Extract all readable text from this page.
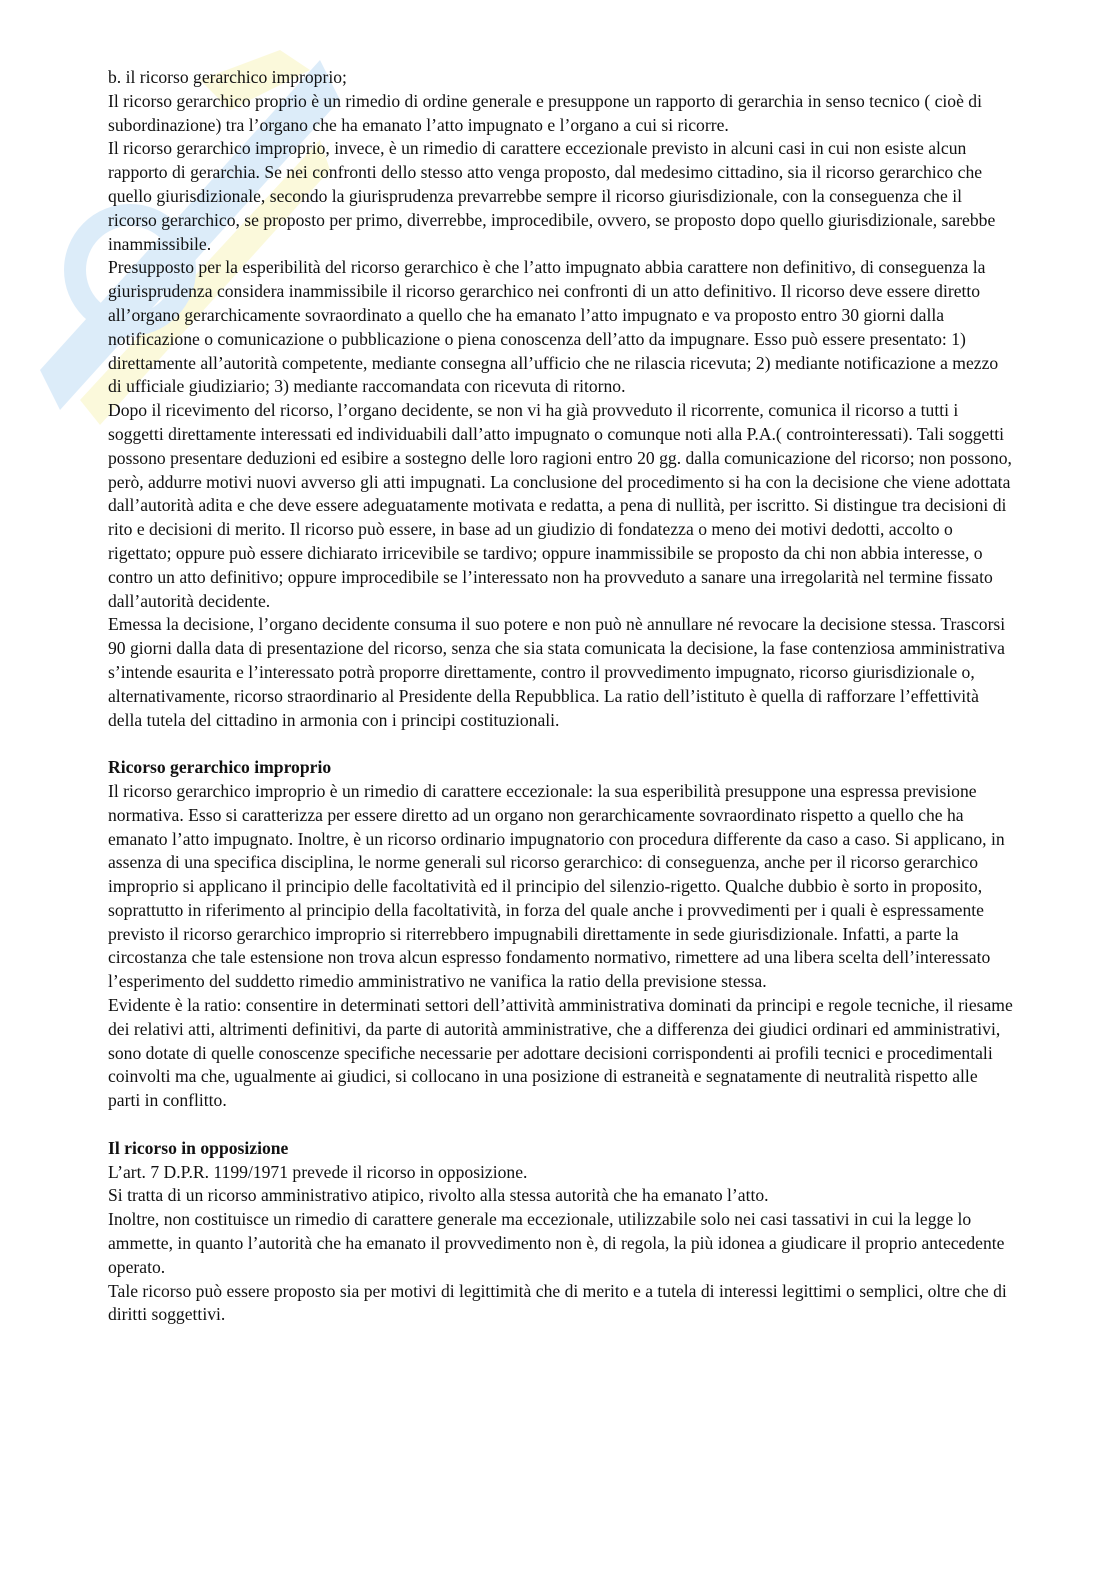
b. il ricorso gerarchico improprio;

Il ricorso gerarchico proprio è un rimedio di ordine generale e presuppone un rapporto di gerarchia in senso tecnico ( cioè di subordinazione) tra l’organo che ha emanato l’atto impugnato e l’organo a cui si ricorre.

Il ricorso gerarchico improprio, invece, è un rimedio di carattere eccezionale previsto in alcuni casi in cui non esiste alcun rapporto di gerarchia. Se nei confronti dello stesso atto venga proposto, dal medesimo cittadino, sia il ricorso gerarchico che quello giurisdizionale, secondo la giurisprudenza prevarrebbe sempre il ricorso giurisdizionale, con la conseguenza che il ricorso gerarchico, se proposto per primo, diverrebbe, improcedibile, ovvero, se proposto dopo quello giurisdizionale, sarebbe inammissibile.

Presupposto per la esperibilità del ricorso gerarchico è che l’atto impugnato abbia carattere non definitivo, di conseguenza la giurisprudenza considera inammissibile il ricorso gerarchico nei confronti di un atto definitivo. Il ricorso deve essere diretto all’organo gerarchicamente sovraordinato a quello che ha emanato l’atto impugnato e va proposto entro 30 giorni dalla notificazione o comunicazione o pubblicazione o piena conoscenza dell’atto da impugnare. Esso può essere presentato: 1) direttamente all’autorità competente, mediante consegna all’ufficio che ne rilascia ricevuta; 2) mediante notificazione a mezzo di ufficiale giudiziario; 3) mediante raccomandata con ricevuta di ritorno.

Dopo il ricevimento del ricorso, l’organo decidente, se non vi ha già provveduto il ricorrente, comunica il ricorso a tutti i soggetti direttamente interessati ed individuabili dall’atto impugnato o comunque noti alla P.A.( controinteressati). Tali soggetti possono presentare deduzioni ed esibire a sostegno delle loro ragioni entro 20 gg. dalla comunicazione del ricorso; non possono, però, addurre motivi nuovi avverso gli atti impugnati. La conclusione del procedimento si ha con la decisione che viene adottata dall’autorità adita e che deve essere adeguatamente motivata e redatta, a pena di nullità, per iscritto. Si distingue tra decisioni di rito e decisioni di merito. Il ricorso può essere, in base ad un giudizio di fondatezza o meno dei motivi dedotti, accolto o rigettato; oppure può essere dichiarato irricevibile se tardivo; oppure inammissibile se proposto da chi non abbia interesse, o contro un atto definitivo; oppure improcedibile se l’interessato non ha provveduto a sanare una irregolarità nel termine fissato dall’autorità decidente.

Emessa la decisione, l’organo decidente consuma il suo potere e non può nè annullare né revocare la decisione stessa. Trascorsi 90 giorni dalla data di presentazione del ricorso, senza che sia stata comunicata la decisione, la fase contenziosa amministrativa s’intende esaurita e l’interessato potrà proporre direttamente, contro il provvedimento impugnato, ricorso giurisdizionale o, alternativamente, ricorso straordinario al Presidente della Repubblica. La ratio dell’istituto è quella di rafforzare l’effettività della tutela del cittadino in armonia con i principi costituzionali.

Ricorso gerarchico improprio

Il ricorso gerarchico improprio è un rimedio di carattere eccezionale: la sua esperibilità presuppone una espressa previsione normativa. Esso si caratterizza per essere diretto ad un organo non gerarchicamente sovraordinato rispetto a quello che ha emanato l’atto impugnato. Inoltre, è un ricorso ordinario impugnatorio con procedura differente da caso a caso. Si applicano, in assenza di una specifica disciplina, le norme generali sul ricorso gerarchico: di conseguenza, anche per il ricorso gerarchico improprio si applicano il principio delle facoltatività ed il principio del silenzio-rigetto. Qualche dubbio è sorto in proposito, soprattutto in riferimento al principio della facoltatività, in forza del quale anche i provvedimenti per i quali è espressamente previsto il ricorso gerarchico improprio si riterrebbero impugnabili direttamente in sede giurisdizionale. Infatti, a parte la circostanza che tale estensione non trova alcun espresso fondamento normativo, rimettere ad una libera scelta dell’interessato l’esperimento del suddetto rimedio amministrativo ne vanifica la ratio della previsione stessa.

Evidente è la ratio: consentire in determinati settori dell’attività amministrativa dominati da principi e regole tecniche, il riesame dei relativi atti, altrimenti definitivi, da parte di autorità amministrative, che a differenza dei giudici ordinari ed amministrativi, sono dotate di quelle conoscenze specifiche necessarie per adottare decisioni corrispondenti ai profili tecnici e procedimentali coinvolti ma che, ugualmente ai giudici, si collocano in una posizione di estraneità e segnatamente di neutralità rispetto alle parti in conflitto.

Il ricorso in opposizione

L’art. 7 D.P.R. 1199/1971 prevede il ricorso in opposizione.

Si tratta di un ricorso amministrativo atipico, rivolto alla stessa autorità che ha emanato l’atto.

Inoltre, non costituisce un rimedio di carattere generale ma eccezionale, utilizzabile solo nei casi tassativi in cui la legge lo ammette, in quanto l’autorità che ha emanato il provvedimento non è, di regola, la più idonea a giudicare il proprio antecedente operato.

Tale ricorso può essere proposto sia per motivi di legittimità che di merito e a tutela di interessi legittimi o semplici, oltre che di diritti soggettivi.
